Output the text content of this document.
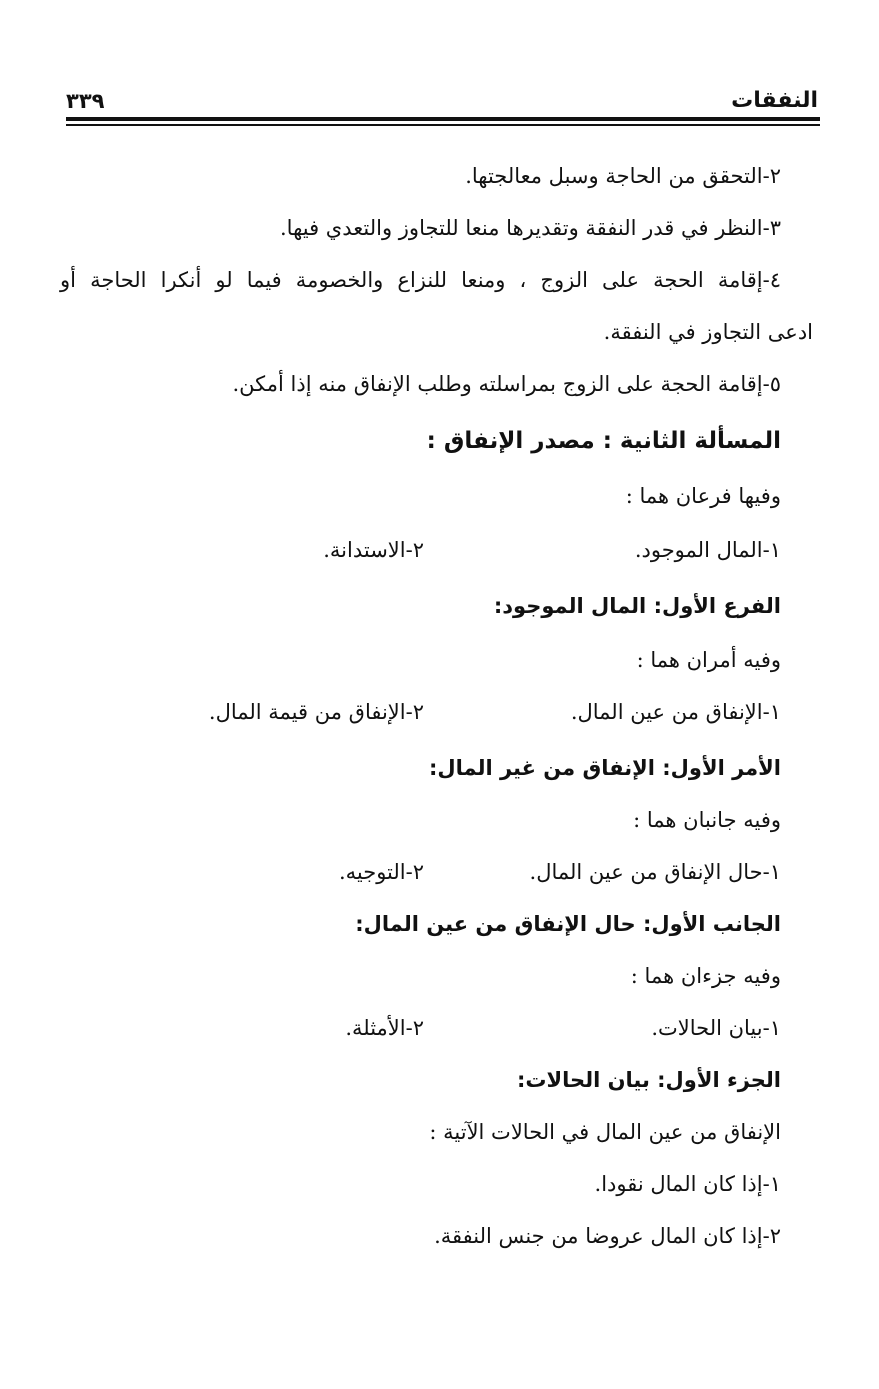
النفقات
٣٣٩
٢-التحقق من الحاجة وسبل معالجتها.
٣-النظر في قدر النفقة وتقديرها منعا للتجاوز والتعدي فيها.
٤-إقامة الحجة على الزوج ، ومنعا للنزاع والخصومة فيما لو أنكرا الحاجة أو
ادعى التجاوز في النفقة.
٥-إقامة الحجة على الزوج بمراسلته وطلب الإنفاق منه إذا أمكن.
المسألة الثانية : مصدر الإنفاق :
وفيها فرعان هما :
١-المال الموجود.
٢-الاستدانة.
الفرع الأول: المال الموجود:
وفيه أمران هما :
١-الإنفاق من عين المال.
٢-الإنفاق من قيمة المال.
الأمر الأول: الإنفاق من غير المال:
وفيه جانبان هما :
١-حال الإنفاق من عين المال.
٢-التوجيه.
الجانب الأول: حال الإنفاق من عين المال:
وفيه جزءان هما :
١-بيان الحالات.
٢-الأمثلة.
الجزء الأول: بيان الحالات:
الإنفاق من عين المال في الحالات الآتية :
١-إذا كان المال نقودا.
٢-إذا كان المال عروضا من جنس النفقة.
